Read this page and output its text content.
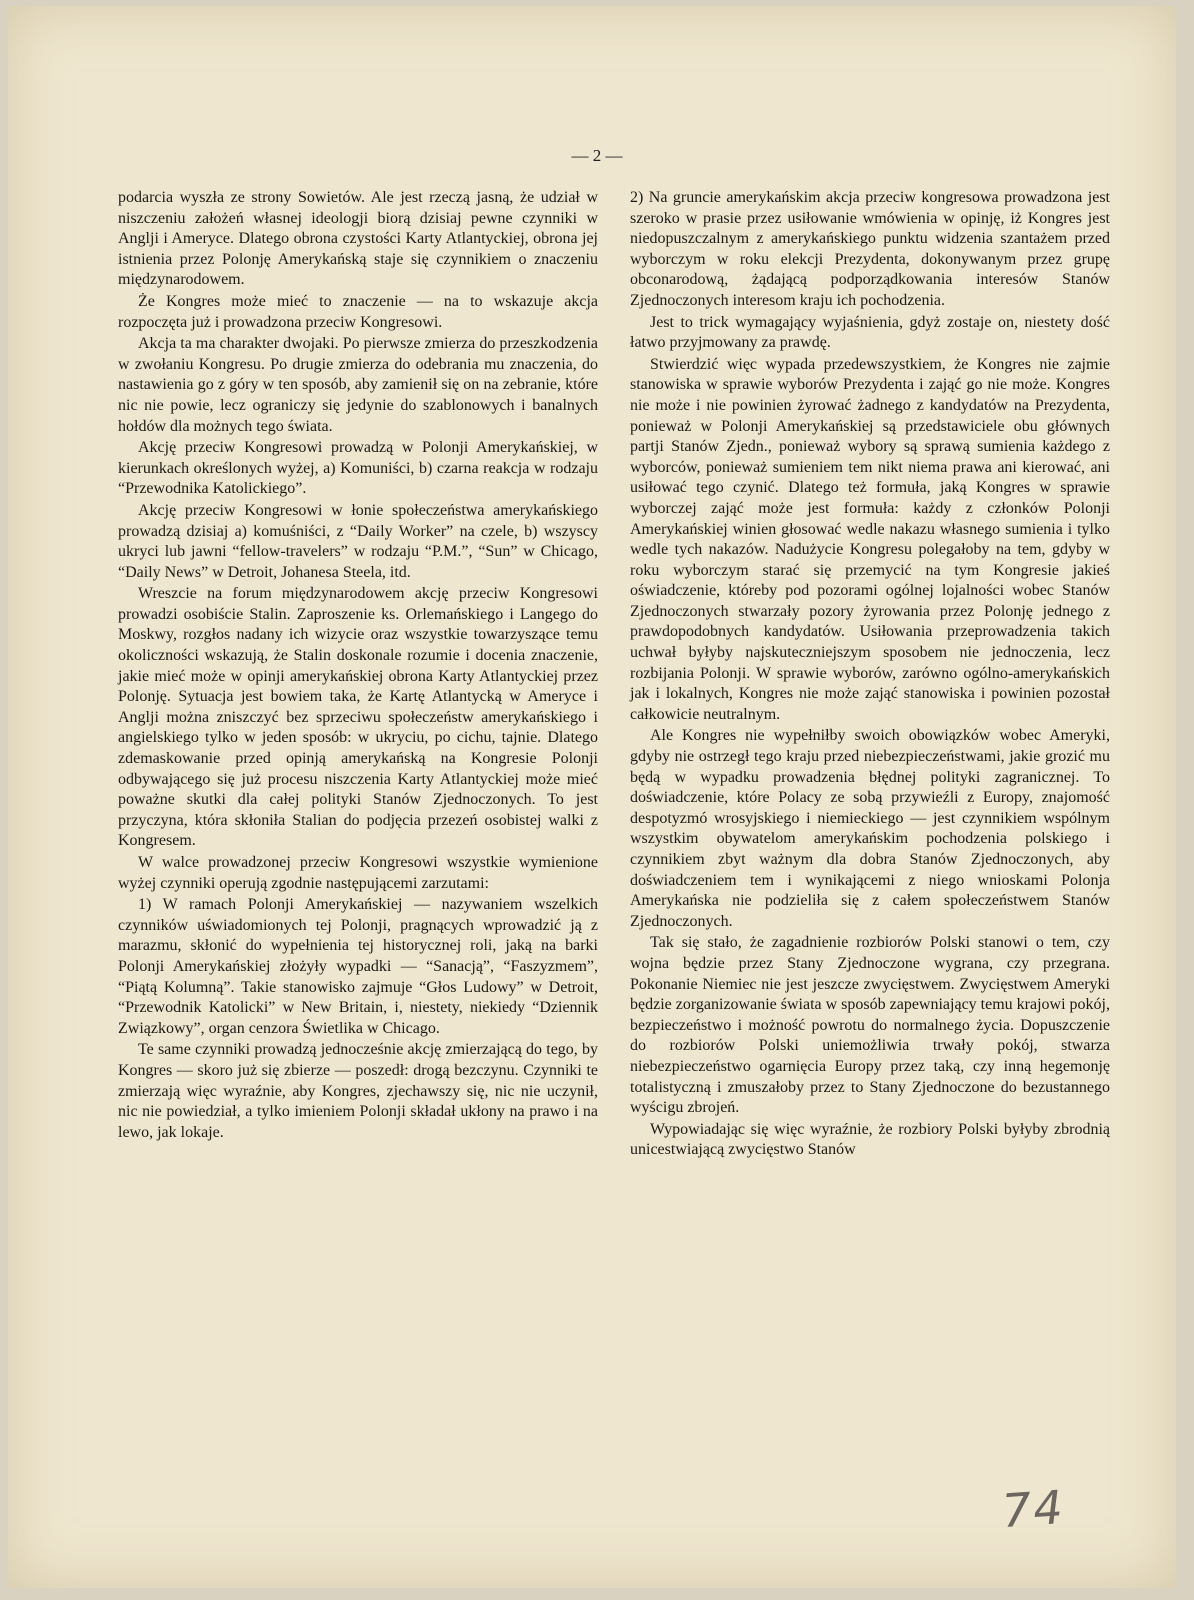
— 2 —

podarcia wyszła ze strony Sowietów. Ale jest rzeczą jasną, że udział w niszczeniu założeń własnej ideologji biorą dzisiaj pewne czynniki w Anglji i Ameryce. Dlatego obrona czystości Karty Atlantyckiej, obrona jej istnienia przez Polonję Amerykańską staje się czynnikiem o znaczeniu międzynarodowem.

Że Kongres może mieć to znaczenie — na to wskazuje akcja rozpoczęta już i prowadzona przeciw Kongresowi.

Akcja ta ma charakter dwojaki. Po pierwsze zmierza do przeszkodzenia w zwołaniu Kongresu. Po drugie zmierza do odebrania mu znaczenia, do nastawienia go z góry w ten sposób, aby zamienił się on na zebranie, które nic nie powie, lecz ograniczy się jedynie do szablonowych i banalnych hołdów dla możnych tego świata.

Akcję przeciw Kongresowi prowadzą w Polonji Amerykańskiej, w kierunkach określonych wyżej, a) Komuniści, b) czarna reakcja w rodzaju “Przewodnika Katolickiego”.

Akcję przeciw Kongresowi w łonie społeczeństwa amerykańskiego prowadzą dzisiaj a) komuśniści, z “Daily Worker” na czele, b) wszyscy ukryci lub jawni “fellow-travelers” w rodzaju “P.M.”, “Sun” w Chicago, “Daily News” w Detroit, Johanesa Steela, itd.

Wreszcie na forum międzynarodowem akcję przeciw Kongresowi prowadzi osobiście Stalin. Zaproszenie ks. Orlemańskiego i Langego do Moskwy, rozgłos nadany ich wizycie oraz wszystkie towarzyszące temu okoliczności wskazują, że Stalin doskonale rozumie i docenia znaczenie, jakie mieć może w opinji amerykańskiej obrona Karty Atlantyckiej przez Polonję. Sytuacja jest bowiem taka, że Kartę Atlantycką w Ameryce i Anglji można zniszczyć bez sprzeciwu społeczeństw amerykańskiego i angielskiego tylko w jeden sposób: w ukryciu, po cichu, tajnie. Dlatego zdemaskowanie przed opinją amerykańską na Kongresie Polonji odbywającego się już procesu niszczenia Karty Atlantyckiej może mieć poważne skutki dla całej polityki Stanów Zjednoczonych. To jest przyczyna, która skłoniła Stalian do podjęcia przezeń osobistej walki z Kongresem.

W walce prowadzonej przeciw Kongresowi wszystkie wymienione wyżej czynniki operują zgodnie następującemi zarzutami:

1) W ramach Polonji Amerykańskiej — nazywaniem wszelkich czynników uświadomionych tej Polonji, pragnących wprowadzić ją z marazmu, skłonić do wypełnienia tej historycznej roli, jaką na barki Polonji Amerykańskiej złożyły wypadki — “Sanacją”, “Faszyzmem”, “Piątą Kolumną”. Takie stanowisko zajmuje “Głos Ludowy” w Detroit, “Przewodnik Katolicki” w New Britain, i, niestety, niekiedy “Dziennik Związkowy”, organ cenzora Świetlika w Chicago.

Te same czynniki prowadzą jednocześnie akcję zmierzającą do tego, by Kongres — skoro już się zbierze — poszedł: drogą bezczynu. Czynniki te zmierzają więc wyraźnie, aby Kongres, zjechawszy się, nic nie uczynił, nic nie powiedział, a tylko imieniem Polonji składał ukłony na prawo i na lewo, jak lokaje.

2) Na gruncie amerykańskim akcja przeciw kongresowa prowadzona jest szeroko w prasie przez usiłowanie wmówienia w opinję, iż Kongres jest niedopuszczalnym z amerykańskiego punktu widzenia szantażem przed wyborczym w roku elekcji Prezydenta, dokonywanym przez grupę obconarodową, żądającą podporządkowania interesów Stanów Zjednoczonych interesom kraju ich pochodzenia.

Jest to trick wymagający wyjaśnienia, gdyż zostaje on, niestety dość łatwo przyjmowany za prawdę.

Stwierdzić więc wypada przedewszystkiem, że Kongres nie zajmie stanowiska w sprawie wyborów Prezydenta i zająć go nie może. Kongres nie może i nie powinien żyrować żadnego z kandydatów na Prezydenta, ponieważ w Polonji Amerykańskiej są przedstawiciele obu głównych partji Stanów Zjedn., ponieważ wybory są sprawą sumienia każdego z wyborców, ponieważ sumieniem tem nikt niema prawa ani kierować, ani usiłować tego czynić. Dlatego też formuła, jaką Kongres w sprawie wyborczej zająć może jest formuła: każdy z członków Polonji Amerykańskiej winien głosować wedle nakazu własnego sumienia i tylko wedle tych nakazów. Nadużycie Kongresu polegałoby na tem, gdyby w roku wyborczym starać się przemycić na tym Kongresie jakieś oświadczenie, któreby pod pozorami ogólnej lojalności wobec Stanów Zjednoczonych stwarzały pozory żyrowania przez Polonję jednego z prawdopodobnych kandydatów. Usiłowania przeprowadzenia takich uchwał byłyby najskuteczniejszym sposobem nie jednoczenia, lecz rozbijania Polonji. W sprawie wyborów, zarówno ogólno-amerykańskich jak i lokalnych, Kongres nie może zająć stanowiska i powinien pozostał całkowicie neutralnym.

Ale Kongres nie wypełniłby swoich obowiązków wobec Ameryki, gdyby nie ostrzegł tego kraju przed niebezpieczeństwami, jakie grozić mu będą w wypadku prowadzenia błędnej polityki zagranicznej. To doświadczenie, które Polacy ze sobą przywieźli z Europy, znajomość despotyzmó wrosyjskiego i niemieckiego — jest czynnikiem wspólnym wszystkim obywatelom amerykańskim pochodzenia polskiego i czynnikiem zbyt ważnym dla dobra Stanów Zjednoczonych, aby doświadczeniem tem i wynikającemi z niego wnioskami Polonja Amerykańska nie podzieliła się z całem społeczeństwem Stanów Zjednoczonych.

Tak się stało, że zagadnienie rozbiorów Polski stanowi o tem, czy wojna będzie przez Stany Zjednoczone wygrana, czy przegrana. Pokonanie Niemiec nie jest jeszcze zwycięstwem. Zwycięstwem Ameryki będzie zorganizowanie świata w sposób zapewniający temu krajowi pokój, bezpieczeństwo i możność powrotu do normalnego życia. Dopuszczenie do rozbiorów Polski uniemożliwia trwały pokój, stwarza niebezpieczeństwo ogarnięcia Europy przez taką, czy inną hegemonję totalistyczną i zmuszałoby przez to Stany Zjednoczone do bezustannego wyścigu zbrojeń.

Wypowiadając się więc wyraźnie, że rozbiory Polski byłyby zbrodnią unicestwiającą zwycięstwo Stanów

74
